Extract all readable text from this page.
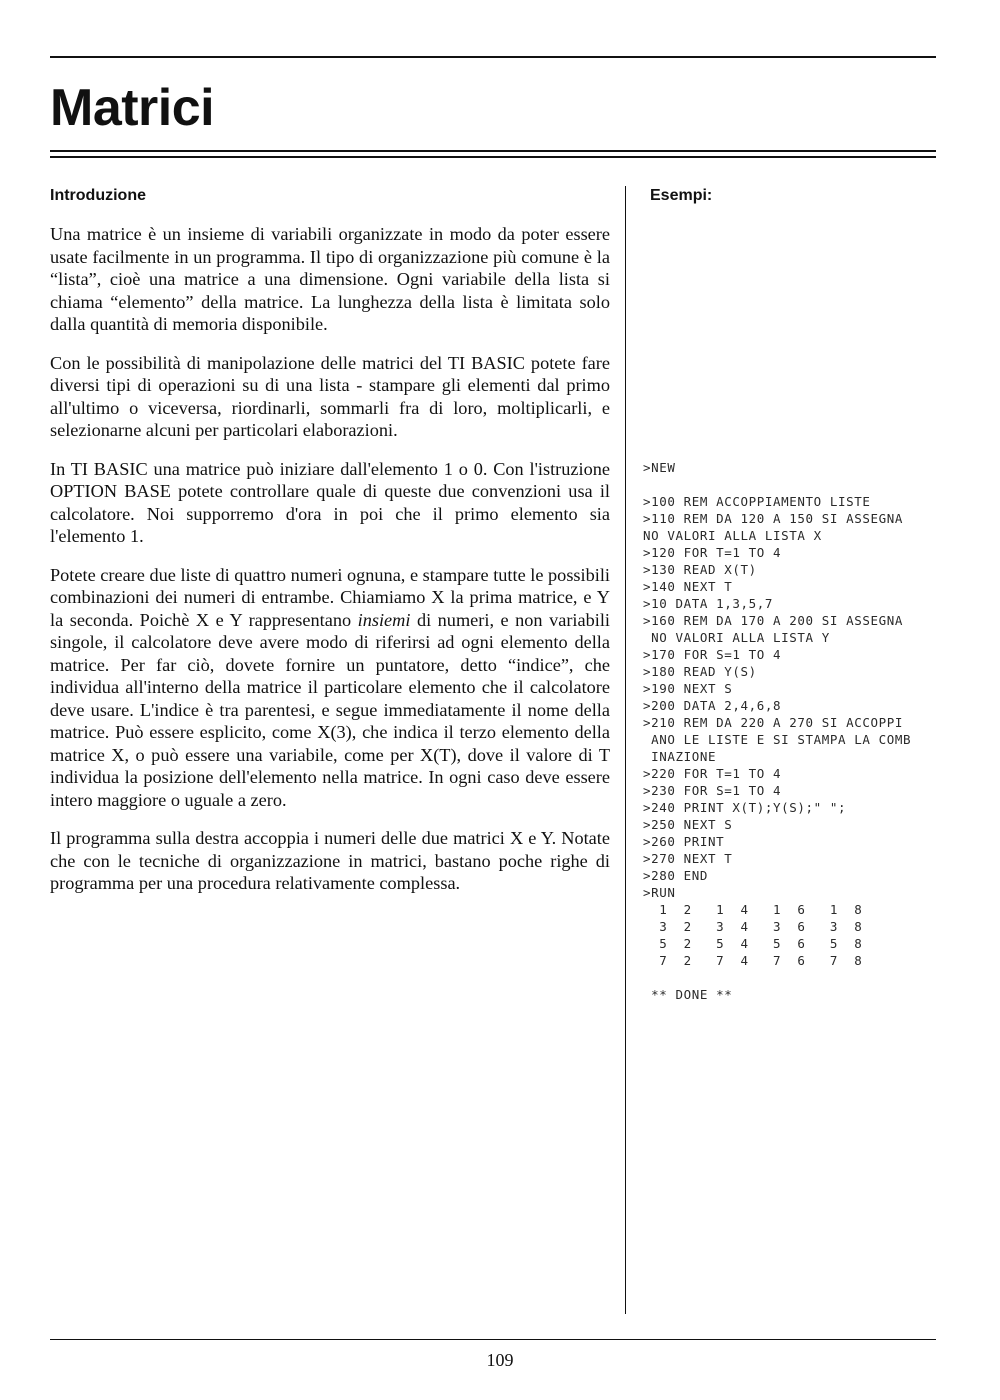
Matrici
Introduzione	Esempi:

Una matrice è un insieme di variabili organizzate in modo da poter essere usate facilmente in un programma. Il tipo di organizzazione più comune è la “lista”, cioè una matrice a una dimensione. Ogni variabile della lista si chiama “elemento” della matrice. La lunghezza della lista è limitata solo dalla quantità di memoria disponibile.

Con le possibilità di manipolazione delle matrici del TI BASIC potete fare diversi tipi di operazioni su di una lista - stampare gli elementi dal primo all'ultimo o viceversa, riordinarli, sommarli fra di loro, moltiplicarli, e selezionarne alcuni per particolari elaborazioni.

In TI BASIC una matrice può iniziare dall'elemento 1 o 0. Con l'istruzione OPTION BASE potete controllare quale di queste due convenzioni usa il calcolatore. Noi supporremo d'ora in poi che il primo elemento sia l'elemento 1.

Potete creare due liste di quattro numeri ognuna, e stampare tutte le possibili combinazioni dei numeri di entrambe. Chiamiamo X la prima matrice, e Y la seconda. Poichè X e Y rappresentano insiemi di numeri, e non variabili singole, il calcolatore deve avere modo di riferirsi ad ogni elemento della matrice. Per far ciò, dovete fornire un puntatore, detto “indice”, che individua all'interno della matrice il particolare elemento che il calcolatore deve usare. L'indice è tra parentesi, e segue immediatamente il nome della matrice. Può essere esplicito, come X(3), che indica il terzo elemento della matrice X, o può essere una variabile, come per X(T), dove il valore di T individua la posizione dell'elemento nella matrice. In ogni caso deve essere intero maggiore o uguale a zero.

Il programma sulla destra accoppia i numeri delle due matrici X e Y. Notate che con le tecniche di organizzazione in matrici, bastano poche righe di programma per una procedura relativamente complessa.

>NEW

>100 REM ACCOPPIAMENTO LISTE
>110 REM DA 120 A 150 SI ASSEGNA
NO VALORI ALLA LISTA X
>120 FOR T=1 TO 4
>130 READ X(T)
>140 NEXT T
>10 DATA 1,3,5,7
>160 REM DA 170 A 200 SI ASSEGNA
NO VALORI ALLA LISTA Y
>170 FOR S=1 TO 4
>180 READ Y(S)
>190 NEXT S
>200 DATA 2,4,6,8
>210 REM DA 220 A 270 SI ACCOPPI
ANO LE LISTE E SI STAMPA LA COMB
INAZIONE
>220 FOR T=1 TO 4
>230 FOR S=1 TO 4
>240 PRINT X(T);Y(S);" ";
>250 NEXT S
>260 PRINT
>270 NEXT T
>280 END
>RUN
1  2   1  4   1  6   1  8
3  2   3  4   3  6   3  8
5  2   5  4   5  6   5  8
7  2   7  4   7  6   7  8

** DONE **
109
